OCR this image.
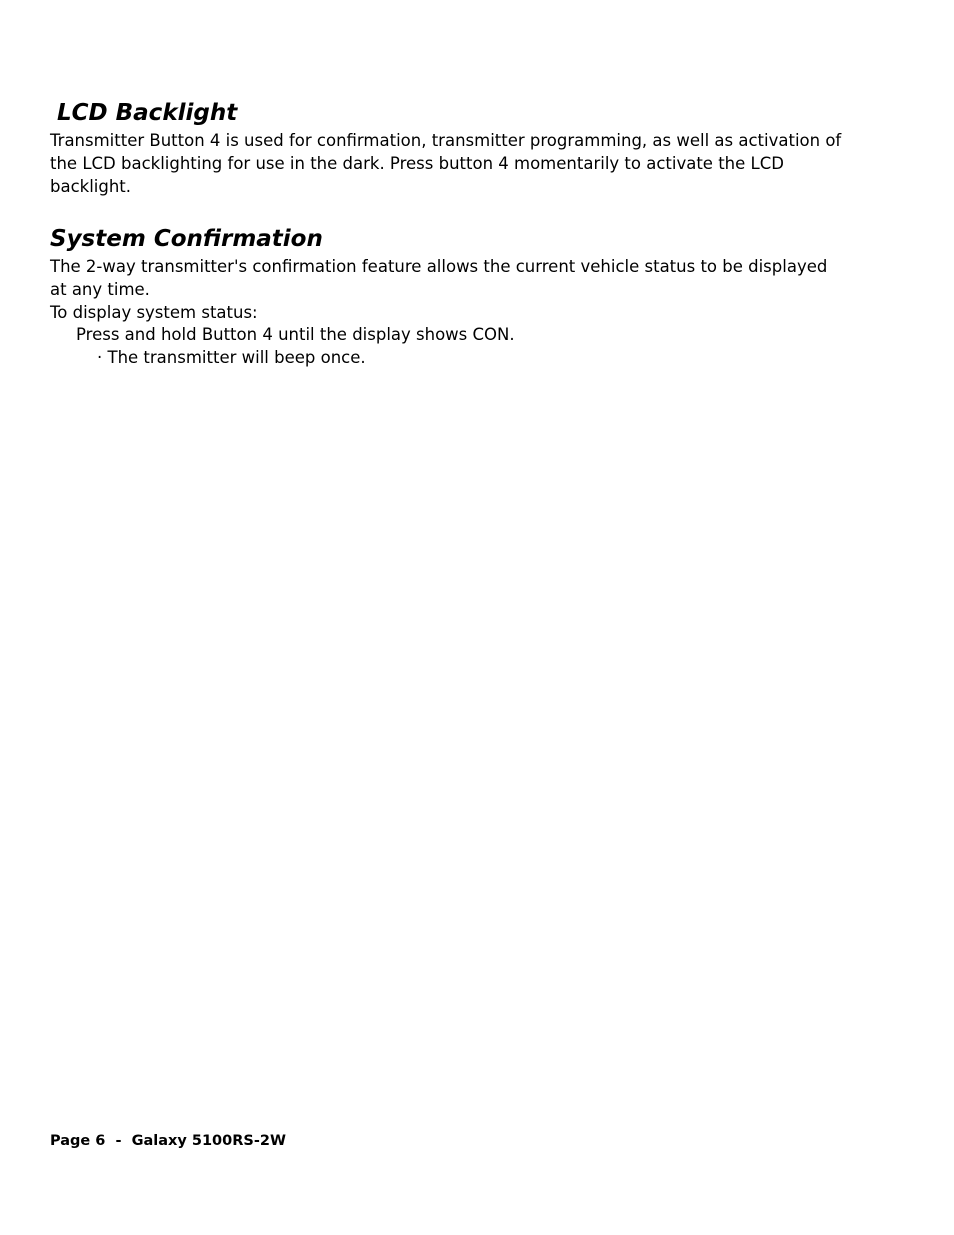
LCD Backlight

Transmitter Button 4 is used for confirmation, transmitter programming, as well as activation of

the LCD backlighting for use in the dark. Press button 4 momentarily to activate the LCD

backlight.

System Confirmation

The 2-way transmitter's confirmation feature allows the current vehicle status to be displayed

at any time.

To display system status:

Press and hold Button 4 until the display shows CON.

· The transmitter will beep once.

Page 6  -  Galaxy 5100RS-2W
